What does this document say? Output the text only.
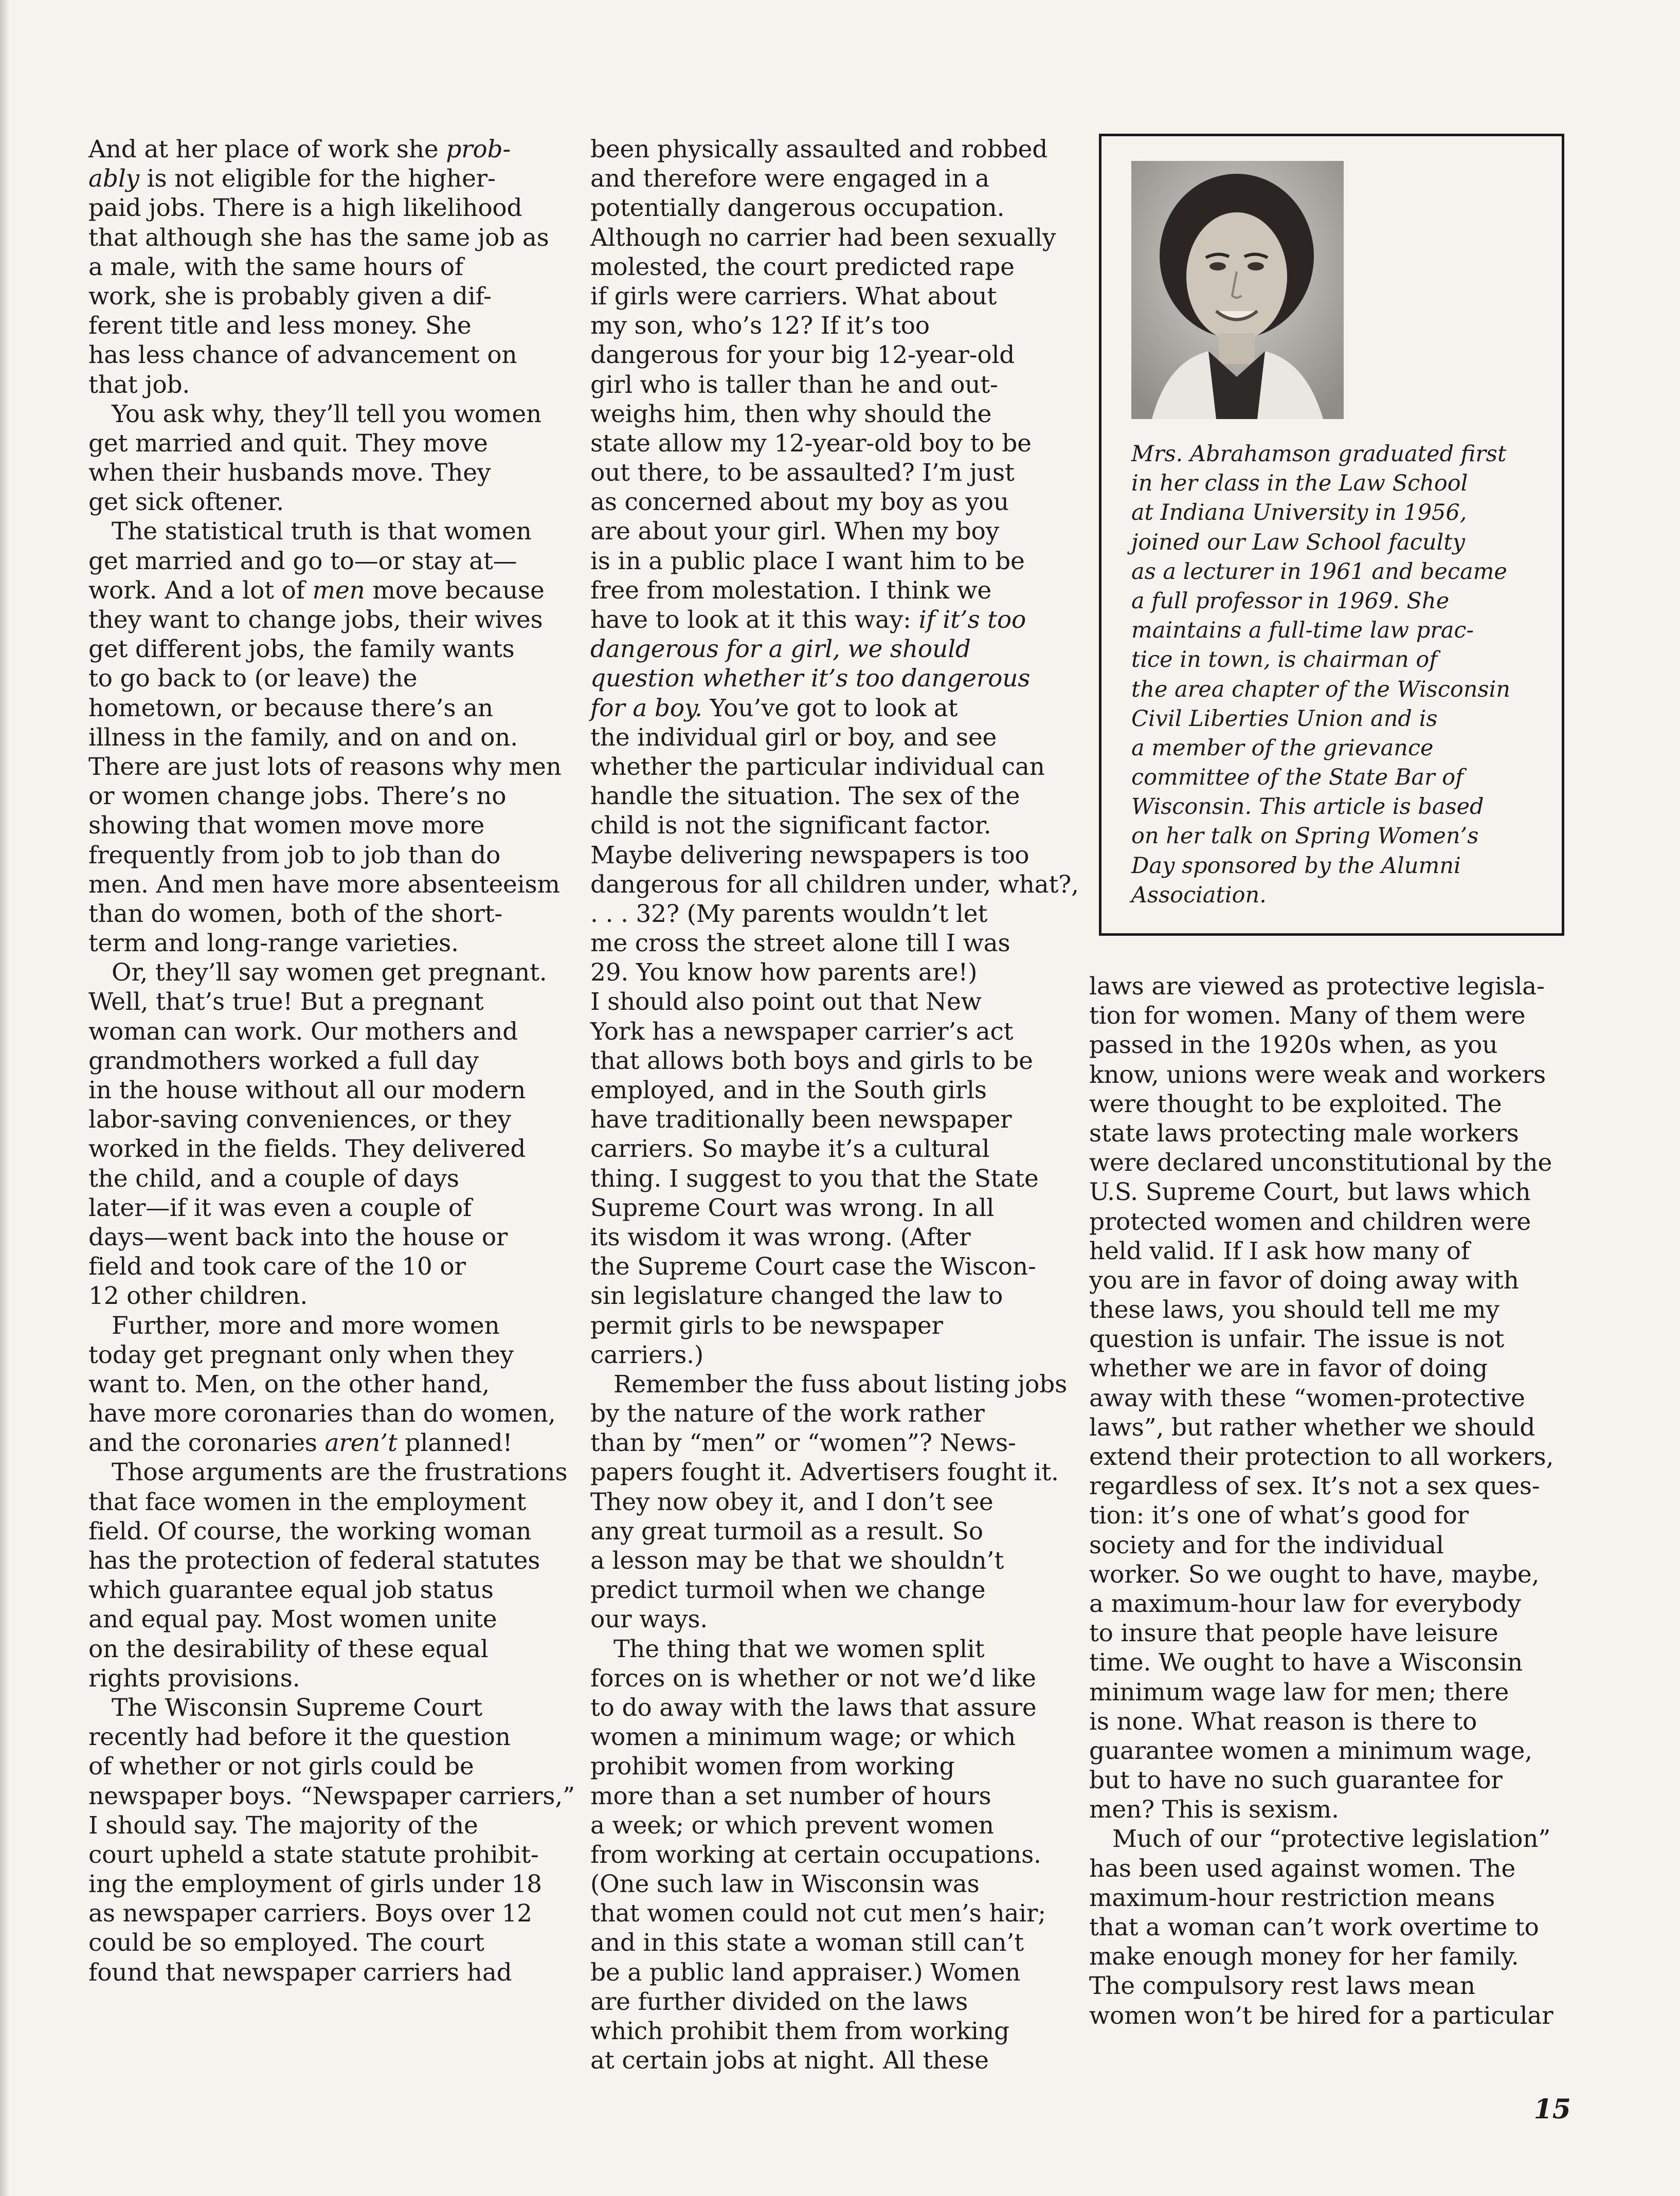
And at her place of work she prob-
ably is not eligible for the higher-
paid jobs. There is a high likelihood
that although she has the same job as
a male, with the same hours of
work, she is probably given a dif-
ferent title and less money. She
has less chance of advancement on
that job.
You ask why, they’ll tell you women
get married and quit. They move
when their husbands move. They
get sick oftener.
The statistical truth is that women
get married and go to—or stay at—
work. And a lot of men move because
they want to change jobs, their wives
get different jobs, the family wants
to go back to (or leave) the
hometown, or because there’s an
illness in the family, and on and on.
There are just lots of reasons why men
or women change jobs. There’s no
showing that women move more
frequently from job to job than do
men. And men have more absenteeism
than do women, both of the short-
term and long-range varieties.
Or, they’ll say women get pregnant.
Well, that’s true! But a pregnant
woman can work. Our mothers and
grandmothers worked a full day
in the house without all our modern
labor-saving conveniences, or they
worked in the fields. They delivered
the child, and a couple of days
later—if it was even a couple of
days—went back into the house or
field and took care of the 10 or
12 other children.
Further, more and more women
today get pregnant only when they
want to. Men, on the other hand,
have more coronaries than do women,
and the coronaries aren’t planned!
Those arguments are the frustrations
that face women in the employment
field. Of course, the working woman
has the protection of federal statutes
which guarantee equal job status
and equal pay. Most women unite
on the desirability of these equal
rights provisions.
The Wisconsin Supreme Court
recently had before it the question
of whether or not girls could be
newspaper boys. “Newspaper carriers,”
I should say. The majority of the
court upheld a state statute prohibit-
ing the employment of girls under 18
as newspaper carriers. Boys over 12
could be so employed. The court
found that newspaper carriers had
been physically assaulted and robbed
and therefore were engaged in a
potentially dangerous occupation.
Although no carrier had been sexually
molested, the court predicted rape
if girls were carriers. What about
my son, who’s 12? If it’s too
dangerous for your big 12-year-old
girl who is taller than he and out-
weighs him, then why should the
state allow my 12-year-old boy to be
out there, to be assaulted? I’m just
as concerned about my boy as you
are about your girl. When my boy
is in a public place I want him to be
free from molestation. I think we
have to look at it this way: if it’s too
dangerous for a girl, we should
question whether it’s too dangerous
for a boy. You’ve got to look at
the individual girl or boy, and see
whether the particular individual can
handle the situation. The sex of the
child is not the significant factor.
Maybe delivering newspapers is too
dangerous for all children under, what?,
. . . 32? (My parents wouldn’t let
me cross the street alone till I was
29. You know how parents are!)
I should also point out that New
York has a newspaper carrier’s act
that allows both boys and girls to be
employed, and in the South girls
have traditionally been newspaper
carriers. So maybe it’s a cultural
thing. I suggest to you that the State
Supreme Court was wrong. In all
its wisdom it was wrong. (After
the Supreme Court case the Wiscon-
sin legislature changed the law to
permit girls to be newspaper
carriers.)
Remember the fuss about listing jobs
by the nature of the work rather
than by “men” or “women”? News-
papers fought it. Advertisers fought it.
They now obey it, and I don’t see
any great turmoil as a result. So
a lesson may be that we shouldn’t
predict turmoil when we change
our ways.
The thing that we women split
forces on is whether or not we’d like
to do away with the laws that assure
women a minimum wage; or which
prohibit women from working
more than a set number of hours
a week; or which prevent women
from working at certain occupations.
(One such law in Wisconsin was
that women could not cut men’s hair;
and in this state a woman still can’t
be a public land appraiser.) Women
are further divided on the laws
which prohibit them from working
at certain jobs at night. All these
Mrs. Abrahamson graduated first
in her class in the Law School
at Indiana University in 1956,
joined our Law School faculty
as a lecturer in 1961 and became
a full professor in 1969. She
maintains a full-time law prac-
tice in town, is chairman of
the area chapter of the Wisconsin
Civil Liberties Union and is
a member of the grievance
committee of the State Bar of
Wisconsin. This article is based
on her talk on Spring Women’s
Day sponsored by the Alumni
Association.
laws are viewed as protective legisla-
tion for women. Many of them were
passed in the 1920s when, as you
know, unions were weak and workers
were thought to be exploited. The
state laws protecting male workers
were declared unconstitutional by the
U.S. Supreme Court, but laws which
protected women and children were
held valid. If I ask how many of
you are in favor of doing away with
these laws, you should tell me my
question is unfair. The issue is not
whether we are in favor of doing
away with these “women-protective
laws”, but rather whether we should
extend their protection to all workers,
regardless of sex. It’s not a sex ques-
tion: it’s one of what’s good for
society and for the individual
worker. So we ought to have, maybe,
a maximum-hour law for everybody
to insure that people have leisure
time. We ought to have a Wisconsin
minimum wage law for men; there
is none. What reason is there to
guarantee women a minimum wage,
but to have no such guarantee for
men? This is sexism.
Much of our “protective legislation”
has been used against women. The
maximum-hour restriction means
that a woman can’t work overtime to
make enough money for her family.
The compulsory rest laws mean
women won’t be hired for a particular
15
